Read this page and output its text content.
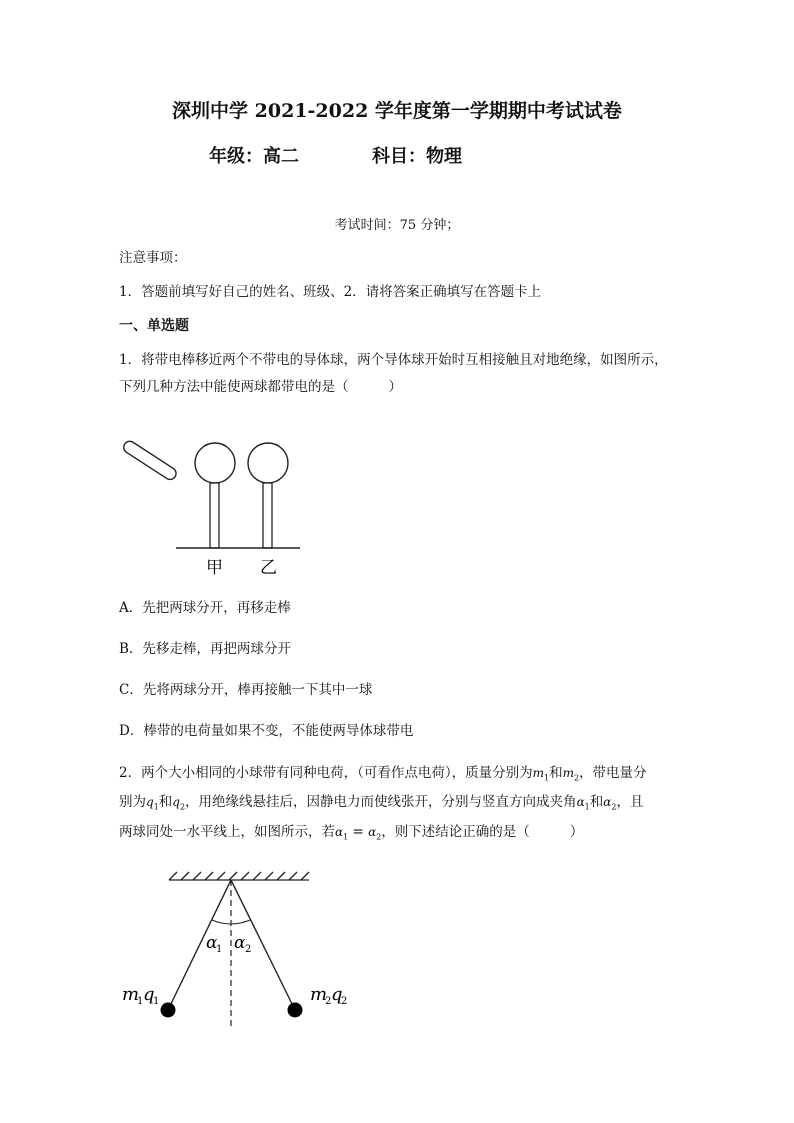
深圳中学 2021-2022 学年度第一学期期中考试试卷
年级：高二	科目：物理
考试时间：75 分钟；
注意事项：
1．答题前填写好自己的姓名、班级、2．请将答案正确填写在答题卡上
一、单选题
1．将带电棒移近两个不带电的导体球，两个导体球开始时互相接触且对地绝缘，如图所示，
下列几种方法中能使两球都带电的是（	）
甲 乙
A．先把两球分开，再移走棒
B．先移走棒，再把两球分开
C．先将两球分开，棒再接触一下其中一球
D．棒带的电荷量如果不变，不能使两导体球带电
2．两个大小相同的小球带有同种电荷，（可看作点电荷），质量分别为$m_1$和$m_2$，带电量分
别为$q_1$和$q_2$，用绝缘线悬挂后，因静电力而使线张开，分别与竖直方向成夹角$\alpha_1$和$\alpha_2$，且
两球同处一水平线上，如图所示，若$\alpha_1 = \alpha_2$，则下述结论正确的是（	）
α
1 α 2
m
1 q
1	m
2 q
2
